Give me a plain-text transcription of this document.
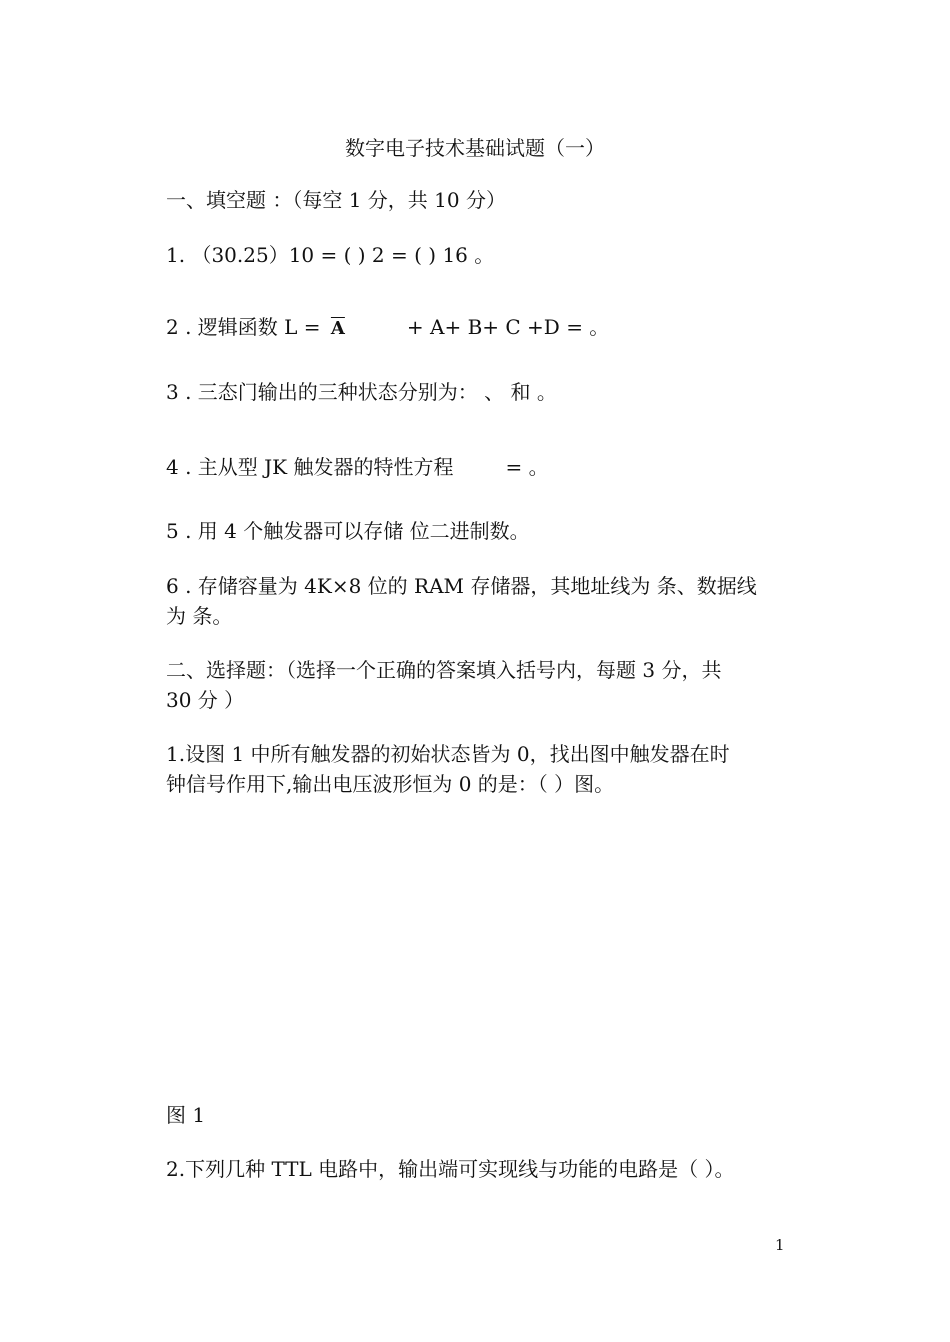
数字电子技术基础试题（一）
一、填空题 ：（每空 1 分，共 10 分）
1. （30.25）10 = ( ) 2 = ( ) 16 。
2 . 逻辑函数 $L = \overline{A}$	+ A+ B+ C +D = 。
3 . 三态门输出的三种状态分别为： 、 和 。
4 . 主从型 JK 触发器的特性方程	= 。
5 . 用 4 个触发器可以存储 位二进制数。
6 . 存储容量为 4K×8 位的 RAM 存储器，其地址线为 条、数据线
为 条。
二、选择题：（选择一个正确的答案填入括号内，每题 3 分，共
30 分 ）
1.设图 1 中所有触发器的初始状态皆为 0，找出图中触发器在时
钟信号作用下,输出电压波形恒为 0 的是：（ ）图。
图 1
2.下列几种 TTL 电路中，输出端可实现线与功能的电路是（ ）。
1
